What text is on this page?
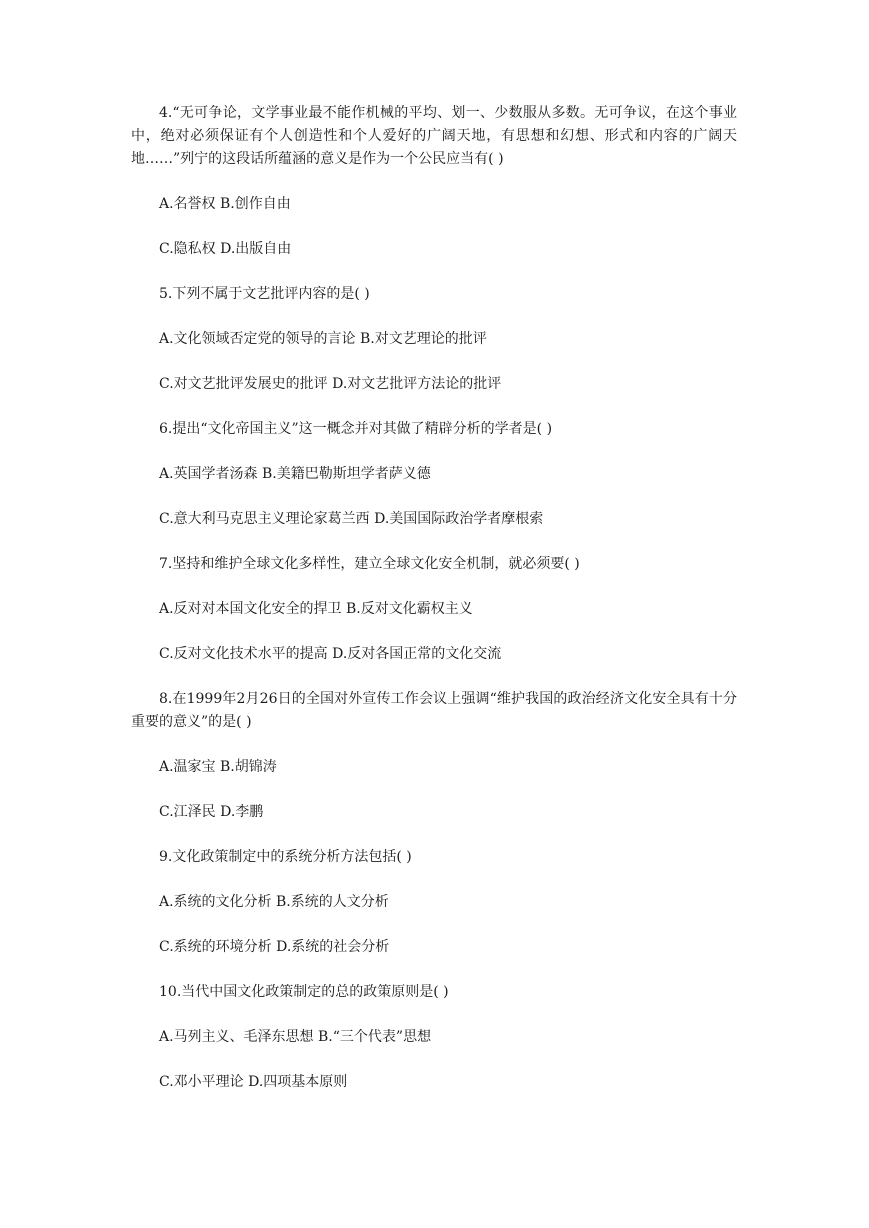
4.“无可争论，文学事业最不能作机械的平均、划一、少数服从多数。无可争议，在这个事业中，绝对必须保证有个人创造性和个人爱好的广阔天地，有思想和幻想、形式和内容的广阔天地……”列宁的这段话所蕴涵的意义是作为一个公民应当有( )

A.名誉权 B.创作自由

C.隐私权 D.出版自由

5.下列不属于文艺批评内容的是( )

A.文化领域否定党的领导的言论 B.对文艺理论的批评

C.对文艺批评发展史的批评 D.对文艺批评方法论的批评

6.提出“文化帝国主义”这一概念并对其做了精辟分析的学者是( )

A.英国学者汤森 B.美籍巴勒斯坦学者萨义德

C.意大利马克思主义理论家葛兰西 D.美国国际政治学者摩根索

7.坚持和维护全球文化多样性，建立全球文化安全机制，就必须要( )

A.反对对本国文化安全的捍卫 B.反对文化霸权主义

C.反对文化技术水平的提高 D.反对各国正常的文化交流

8.在1999年2月26日的全国对外宣传工作会议上强调“维护我国的政治经济文化安全具有十分重要的意义”的是( )

A.温家宝 B.胡锦涛

C.江泽民 D.李鹏

9.文化政策制定中的系统分析方法包括( )

A.系统的文化分析 B.系统的人文分析

C.系统的环境分析 D.系统的社会分析

10.当代中国文化政策制定的总的政策原则是( )

A.马列主义、毛泽东思想 B.“三个代表”思想

C.邓小平理论 D.四项基本原则
